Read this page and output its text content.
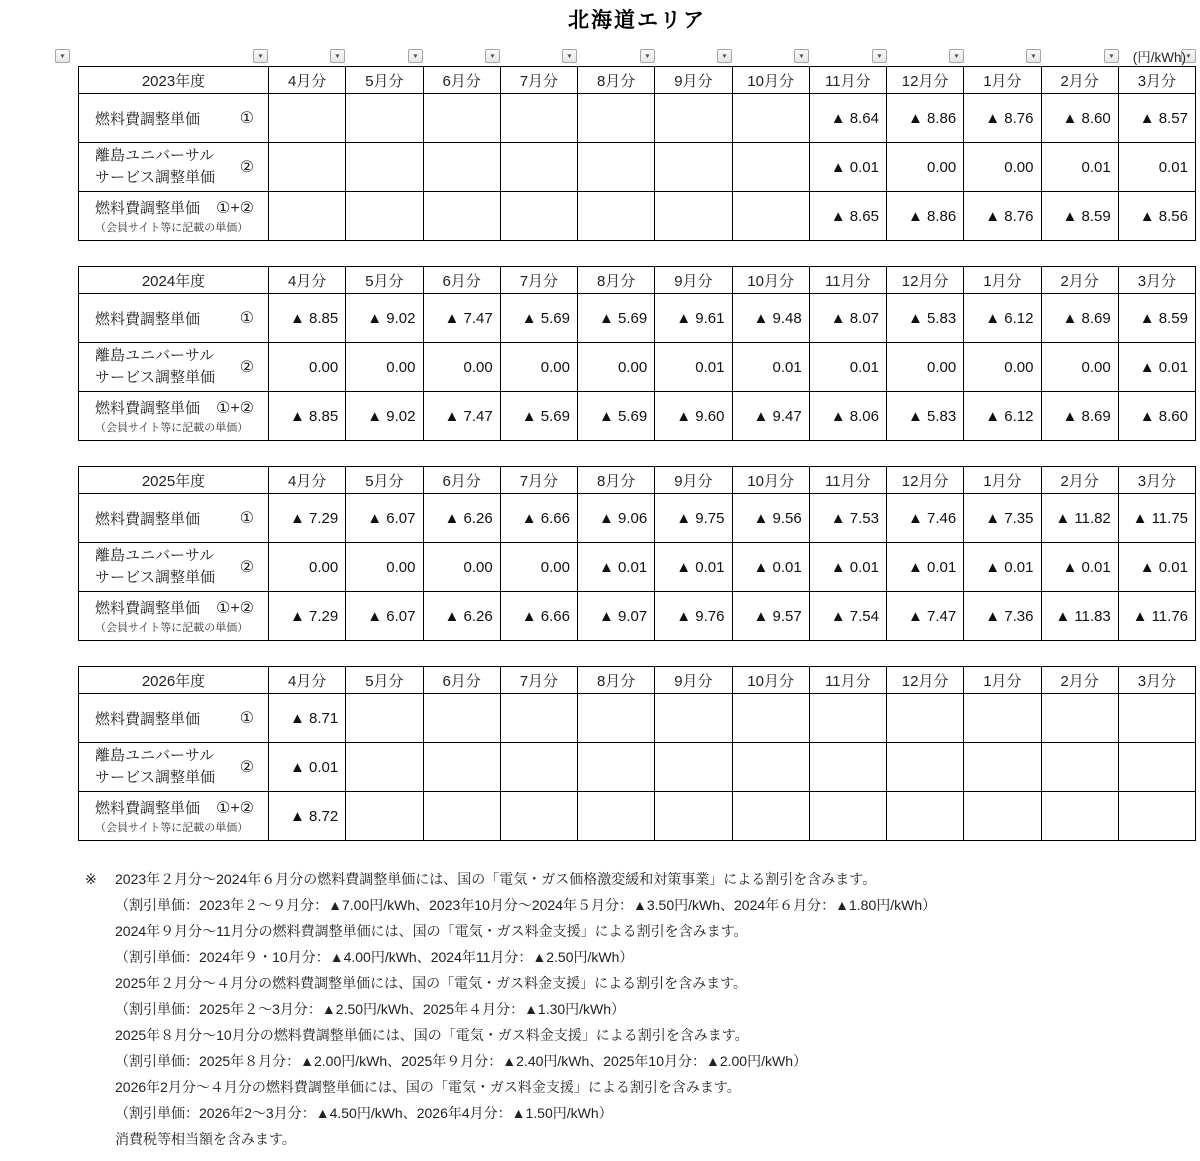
北海道エリア
(円/kWh)
▼	▼	▼	▼	▼	▼	▼	▼	▼	▼	▼	▼	▼	▼
2023年度	4月分	5月分	6月分	7月分	8月分	9月分	10月分	11月分	12月分	1月分	2月分	3月分

燃料費調整単価 ①								▲ 8.64	▲ 8.86	▲ 8.76	▲ 8.60	▲ 8.57

離島ユニバーサル
サービス調整単価
②								▲ 0.01	0.00	0.00	0.01	0.01

燃料費調整単価 ①+②
（会員サイト等に記載の単価）								▲ 8.65	▲ 8.86	▲ 8.76	▲ 8.59	▲ 8.56
2024年度	4月分	5月分	6月分	7月分	8月分	9月分	10月分	11月分	12月分	1月分	2月分	3月分

燃料費調整単価 ①	▲ 8.85	▲ 9.02	▲ 7.47	▲ 5.69	▲ 5.69	▲ 9.61	▲ 9.48	▲ 8.07	▲ 5.83	▲ 6.12	▲ 8.69	▲ 8.59

離島ユニバーサル
サービス調整単価
②	0.00	0.00	0.00	0.00	0.00	0.01	0.01	0.01	0.00	0.00	0.00	▲ 0.01

燃料費調整単価 ①+②
（会員サイト等に記載の単価）	▲ 8.85	▲ 9.02	▲ 7.47	▲ 5.69	▲ 5.69	▲ 9.60	▲ 9.47	▲ 8.06	▲ 5.83	▲ 6.12	▲ 8.69	▲ 8.60
2025年度	4月分	5月分	6月分	7月分	8月分	9月分	10月分	11月分	12月分	1月分	2月分	3月分

燃料費調整単価 ①	▲ 7.29	▲ 6.07	▲ 6.26	▲ 6.66	▲ 9.06	▲ 9.75	▲ 9.56	▲ 7.53	▲ 7.46	▲ 7.35	▲ 11.82	▲ 11.75

離島ユニバーサル
サービス調整単価
②	0.00	0.00	0.00	0.00	▲ 0.01	▲ 0.01	▲ 0.01	▲ 0.01	▲ 0.01	▲ 0.01	▲ 0.01	▲ 0.01

燃料費調整単価 ①+②
（会員サイト等に記載の単価）	▲ 7.29	▲ 6.07	▲ 6.26	▲ 6.66	▲ 9.07	▲ 9.76	▲ 9.57	▲ 7.54	▲ 7.47	▲ 7.36	▲ 11.83	▲ 11.76
2026年度	4月分	5月分	6月分	7月分	8月分	9月分	10月分	11月分	12月分	1月分	2月分	3月分

燃料費調整単価 ①	▲ 8.71											

離島ユニバーサル
サービス調整単価
②	▲ 0.01											

燃料費調整単価 ①+②
（会員サイト等に記載の単価）	▲ 8.72											
※ 2023年２月分～2024年６月分の燃料費調整単価には、国の「電気・ガス価格激変緩和対策事業」による割引を含みます。
（割引単価：2023年２～９月分：▲7.00円/kWh、2023年10月分～2024年５月分：▲3.50円/kWh、2024年６月分：▲1.80円/kWh）
2024年９月分～11月分の燃料費調整単価には、国の「電気・ガス料金支援」による割引を含みます。
（割引単価：2024年９・10月分：▲4.00円/kWh、2024年11月分：▲2.50円/kWh）
2025年２月分～４月分の燃料費調整単価には、国の「電気・ガス料金支援」による割引を含みます。
（割引単価：2025年２～3月分：▲2.50円/kWh、2025年４月分：▲1.30円/kWh）
2025年８月分～10月分の燃料費調整単価には、国の「電気・ガス料金支援」による割引を含みます。
（割引単価：2025年８月分：▲2.00円/kWh、2025年９月分：▲2.40円/kWh、2025年10月分：▲2.00円/kWh）
2026年2月分～４月分の燃料費調整単価には、国の「電気・ガス料金支援」による割引を含みます。
（割引単価：2026年2～3月分：▲4.50円/kWh、2026年4月分：▲1.50円/kWh）
消費税等相当額を含みます。
